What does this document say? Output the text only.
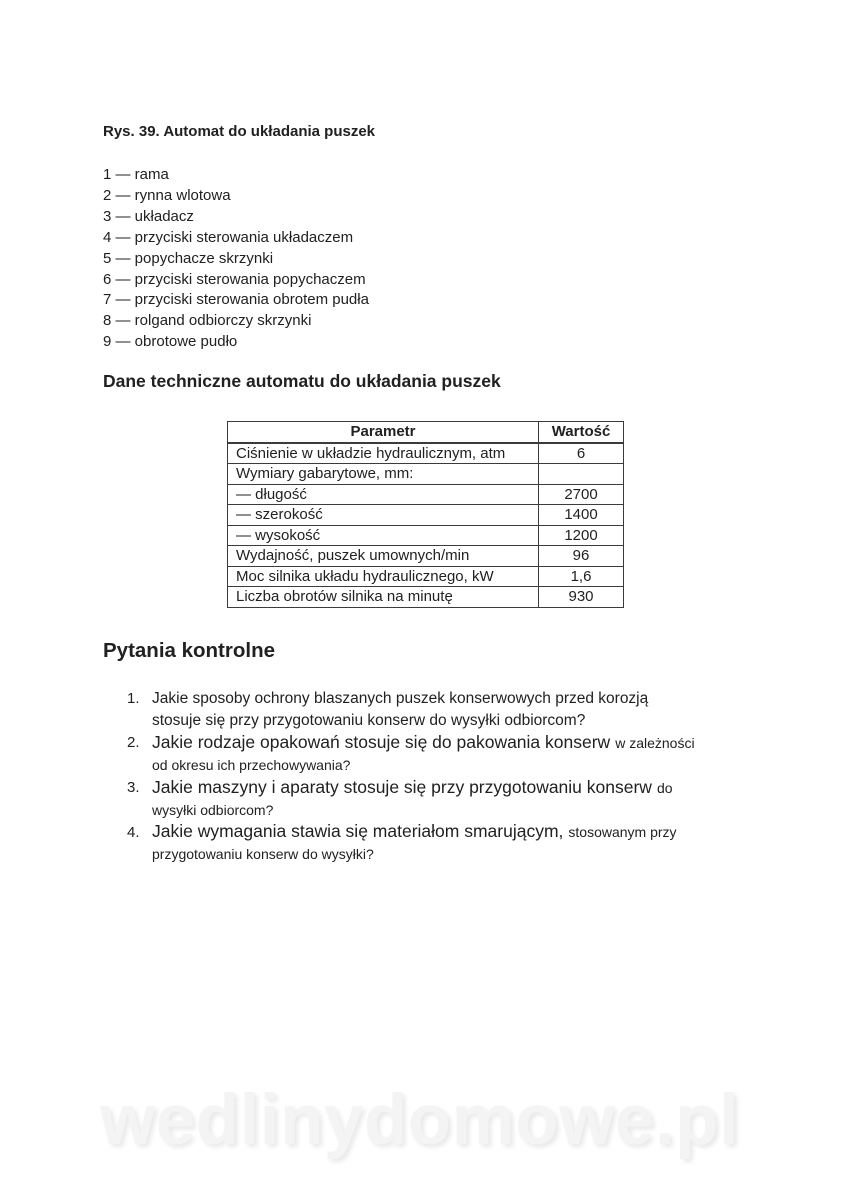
Rys. 39. Automat do układania puszek
1 — rama
2 — rynna wlotowa
3 — układacz
4 — przyciski sterowania układaczem
5 — popychacze skrzynki
6 — przyciski sterowania popychaczem
7 — przyciski sterowania obrotem pudła
8 — rolgand odbiorczy skrzynki
9 — obrotowe pudło
Dane techniczne automatu do układania puszek
Parametr	Wartość
Ciśnienie w układzie hydraulicznym, atm	6
Wymiary gabarytowe, mm:	
— długość	2700
— szerokość	1400
— wysokość	1200
Wydajność, puszek umownych/min	96
Moc silnika układu hydraulicznego, kW	1,6
Liczba obrotów silnika na minutę	930
Pytania kontrolne
1. Jakie sposoby ochrony blaszanych puszek konserwowych przed korozją
stosuje się przy przygotowaniu konserw do wysyłki odbiorcom?
2. Jakie rodzaje opakowań stosuje się do pakowania konserw w zależności
od okresu ich przechowywania?
3. Jakie maszyny i aparaty stosuje się przy przygotowaniu konserw do
wysyłki odbiorcom?
4. Jakie wymagania stawia się materiałom smarującym, stosowanym przy
przygotowaniu konserw do wysyłki?
wedlinydomowe.pl
